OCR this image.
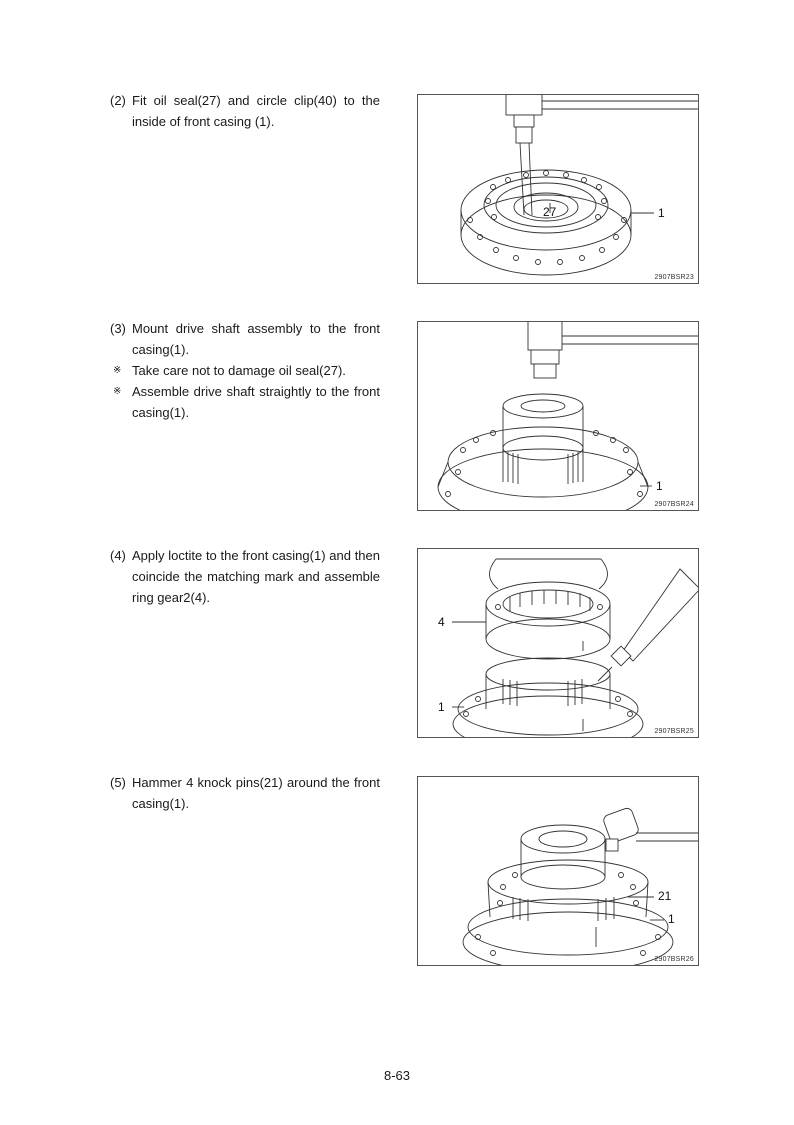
(2) Fit oil seal(27) and circle clip(40) to the inside of front casing (1).
27	1
2907BSR23
(3) Mount drive shaft assembly to the front casing(1).
※ Take care not to damage oil seal(27).
※ Assemble drive shaft straightly to the front casing(1).
1
2907BSR24
(4) Apply loctite to the front casing(1) and then coincide the matching mark and assemble ring gear2(4).
4
1
2907BSR25
(5) Hammer 4 knock pins(21) around the front casing(1).
21
1
2907BSR26
8-63
